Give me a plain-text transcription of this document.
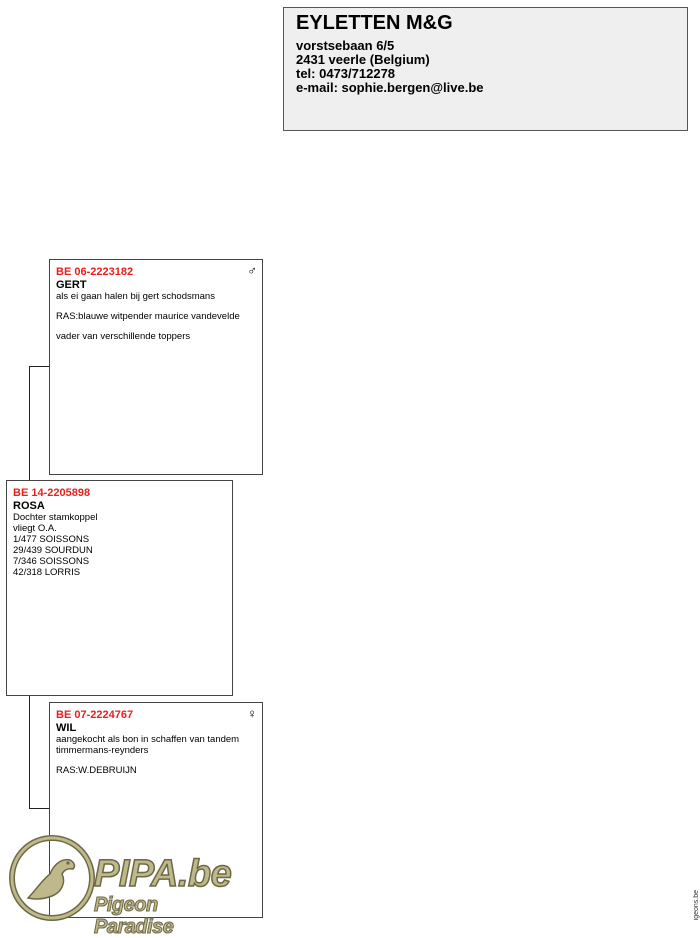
EYLETTEN M&G
vorstsebaan 6/5
2431 veerle (Belgium)
tel: 0473/712278
e-mail: sophie.bergen@live.be
♂
BE 06-2223182
GERT
als ei gaan halen bij gert schodsmans
RAS:blauwe witpender maurice vandevelde
vader van verschillende toppers
BE 14-2205898
ROSA
Dochter stamkoppel
vliegt O.A.
1/477 SOISSONS
29/439 SOURDUN
7/346 SOISSONS
42/318 LORRIS
♀
BE 07-2224767
WIL
aangekocht als bon in schaffen van tandem timmermans-reynders
RAS:W.DEBRUIJN
PIPA.be
Pigeon Paradise
igeons.be
